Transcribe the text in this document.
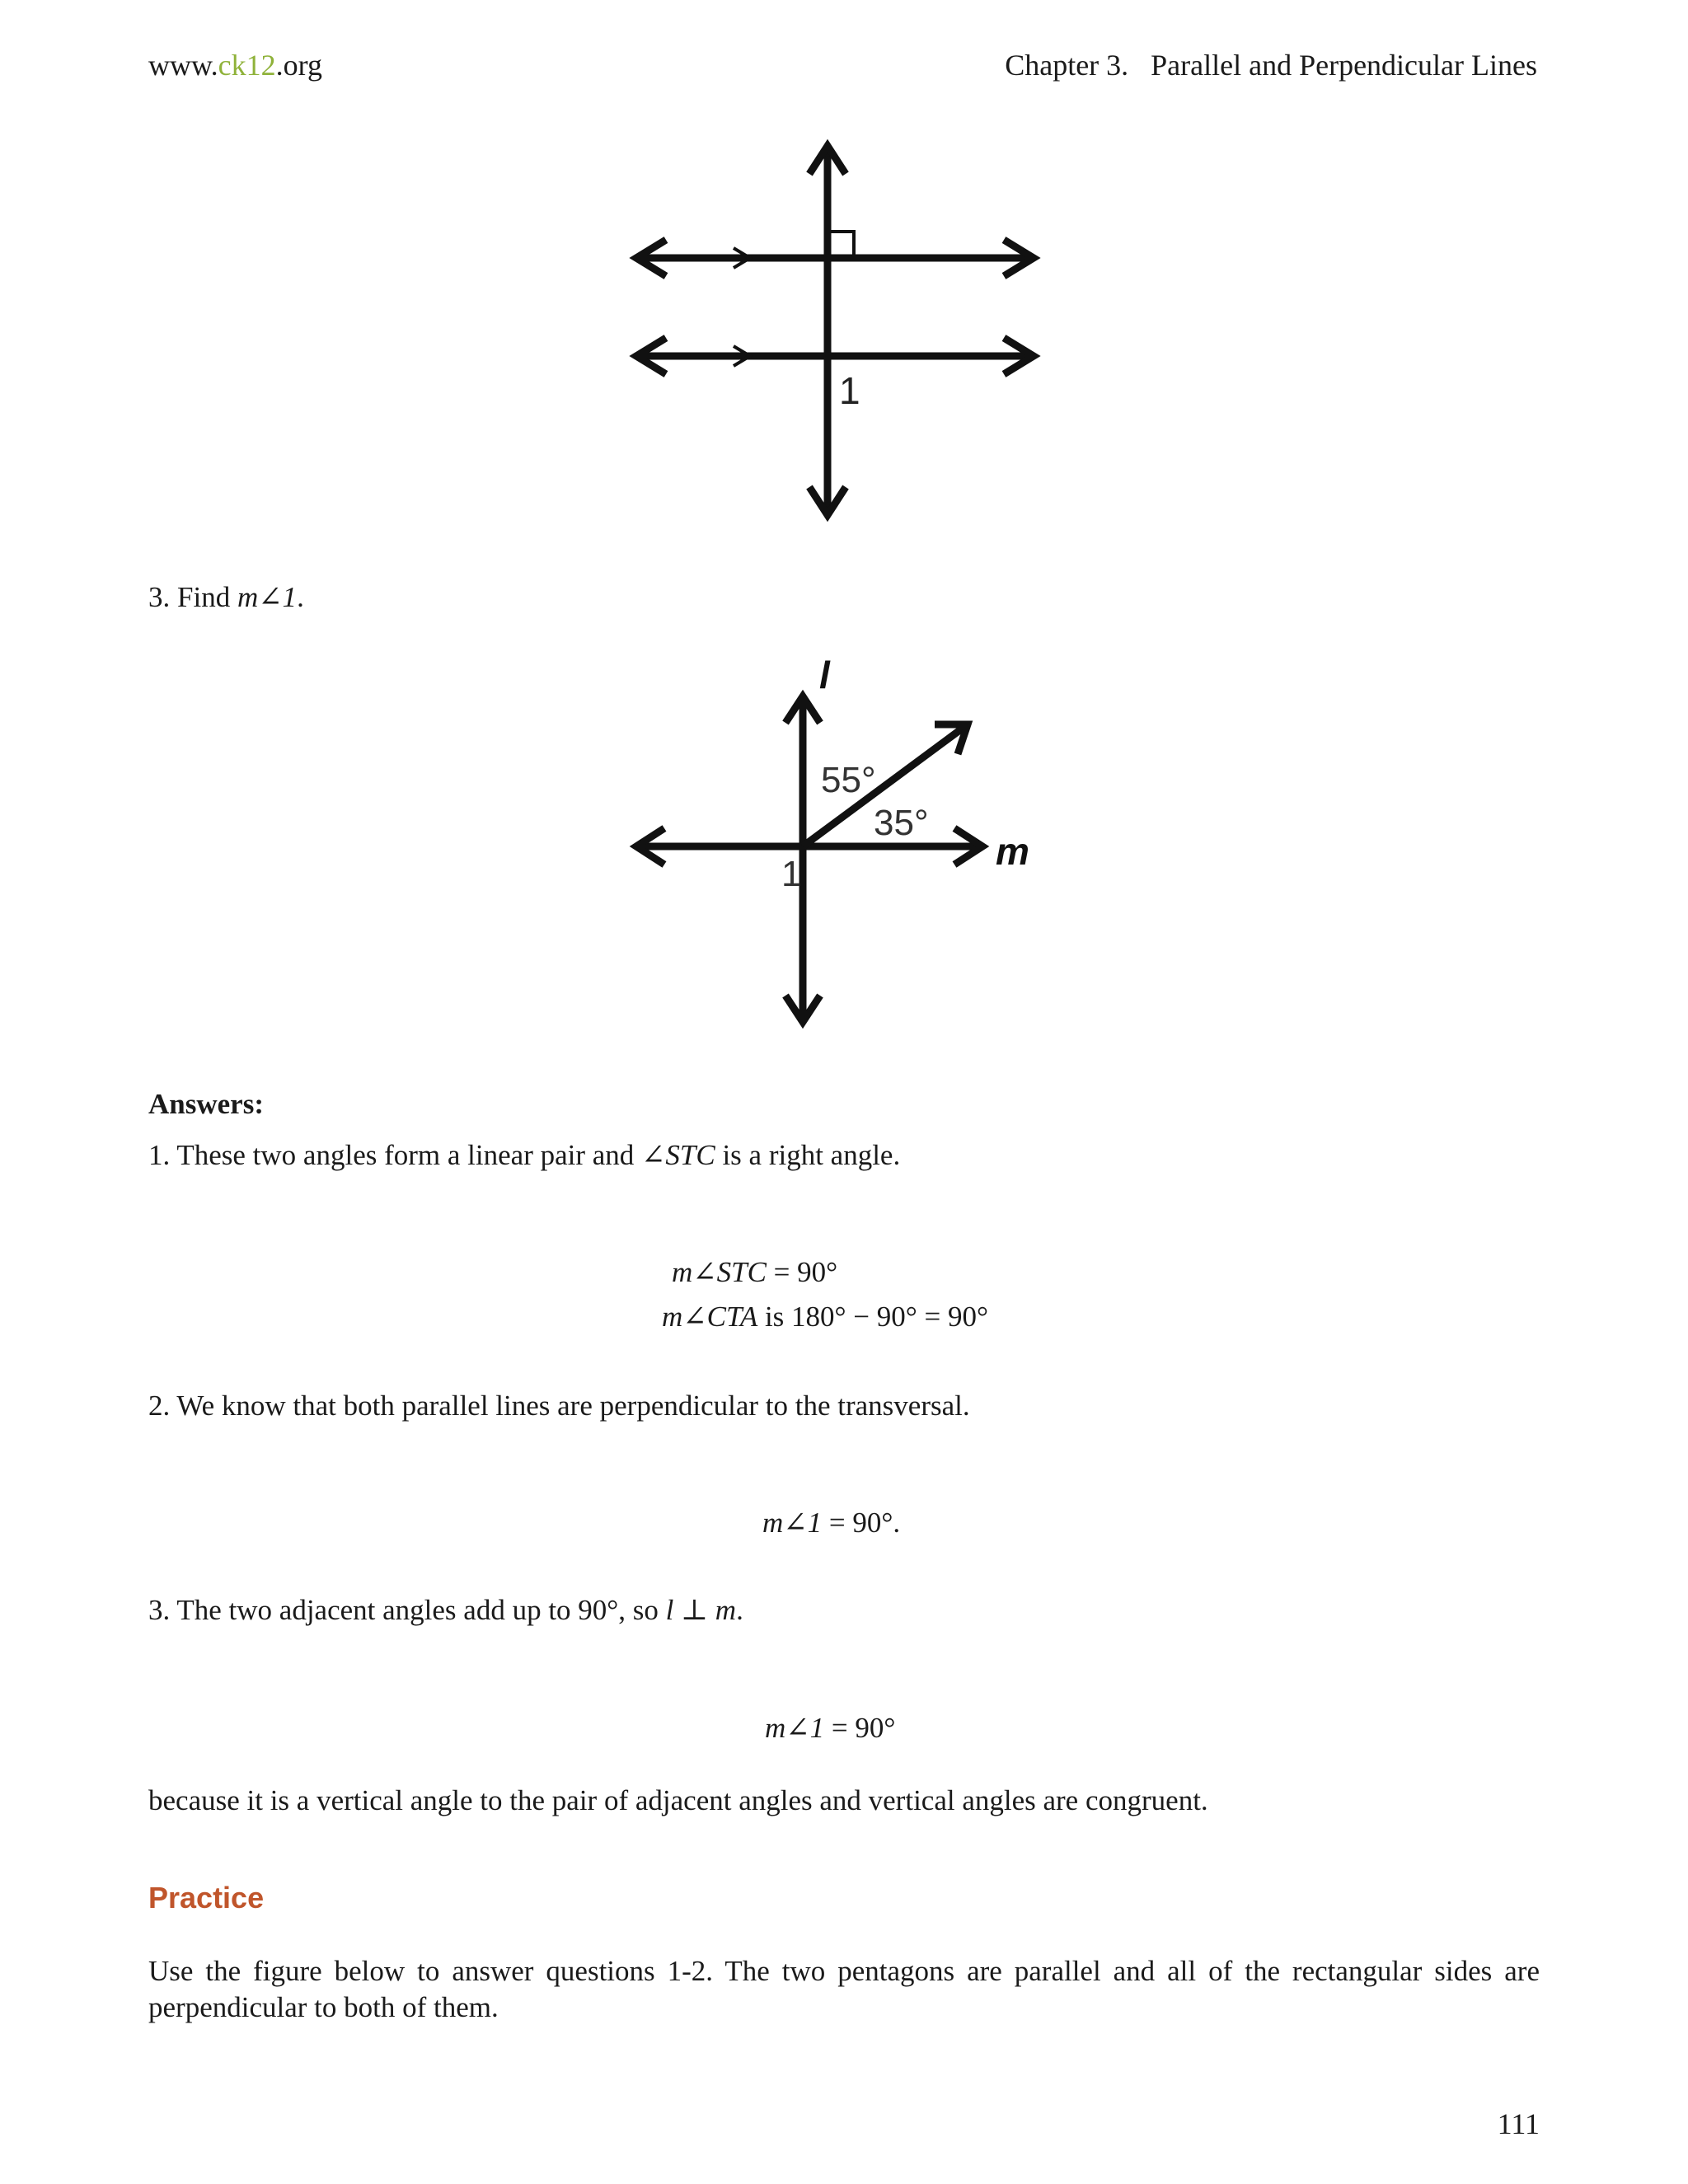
www.ck12.org	Chapter 3.   Parallel and Perpendicular Lines
1
3. Find m∠1.
l
m
55°
35°
1
Answers:
1. These two angles form a linear pair and ∠STC is a right angle.
m∠STC = 90°
m∠CTA is 180° − 90° = 90°
2. We know that both parallel lines are perpendicular to the transversal.
m∠1 = 90°.
3. The two adjacent angles add up to 90°, so l ⊥ m.
m∠1 = 90°
because it is a vertical angle to the pair of adjacent angles and vertical angles are congruent.
Practice
Use the figure below to answer questions 1-2. The two pentagons are parallel and all of the rectangular sides are perpendicular to both of them.
111
